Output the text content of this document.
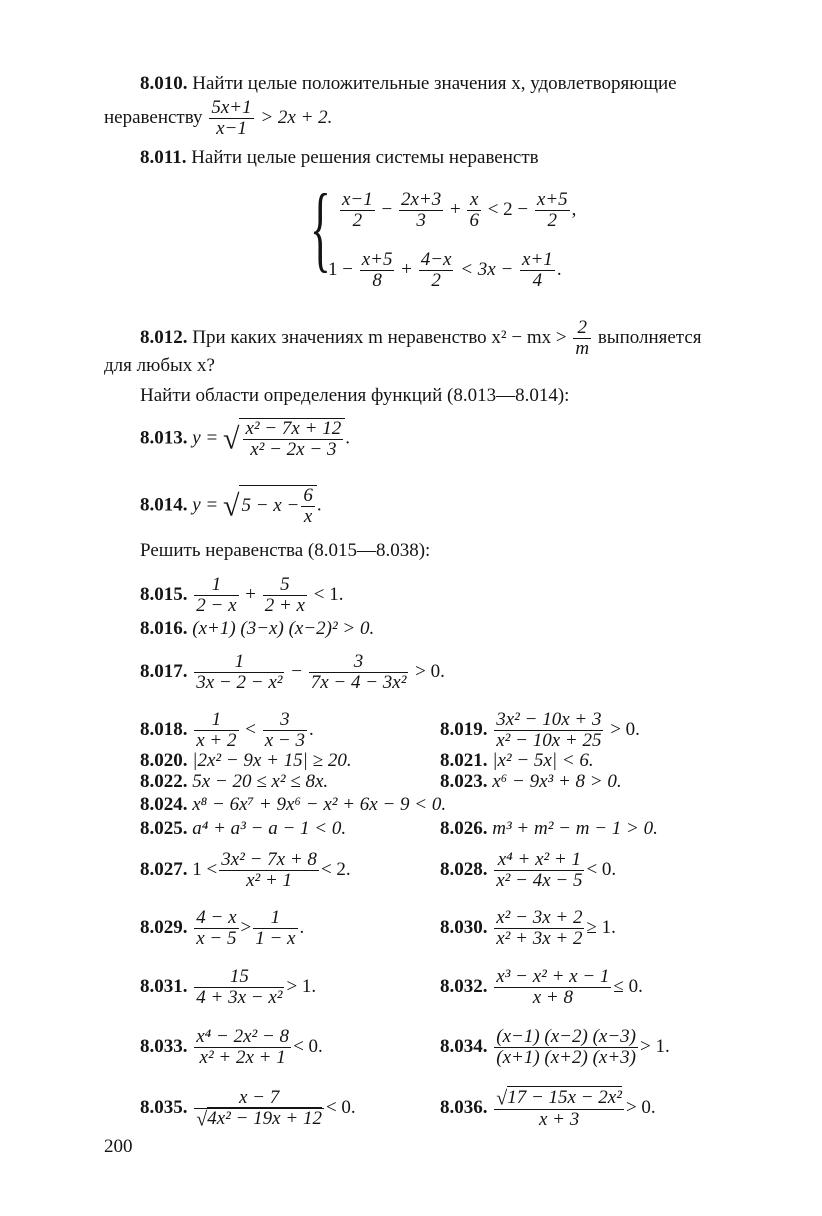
8.010. Найти целые положительные значения x, удовлетворяющие
неравенству $\frac{5x+1}{x-1} > 2x + 2$.
8.011. Найти целые решения системы неравенств
{ $\frac{x-1}{2} - \frac{2x+3}{3} + \frac{x}{6} < 2 - \frac{x+5}{2}$ ,
$1 - \frac{x+5}{8} + \frac{4-x}{2} < 3x - \frac{x+1}{4}$ .
8.012. При каких значениях m неравенство x² − mx > $\frac{2}{m}$ выполняется
для любых x?
Найти области определения функций (8.013—8.014):
8.013. y = √ $\frac{\text{x² − 7x + 12}}{\text{x² − 2x − 3}}$ .
8.014. y = √ $5 - x - \frac{6}{x}$ .
Решить неравенства (8.015—8.038):
8.015. $\frac{1}{2 - x} + \frac{5}{2 + x} < 1$.
8.016. (x+1) (3−x) (x−2)² > 0.
8.017. $\frac{1}{\text{3x − 2 − x²}} - \frac{3}{\text{7x − 4 − 3x²}} > 0$.
8.018. $\frac{1}{x + 2} < \frac{3}{x - 3}$ .	8.019. $\frac{\text{3x² − 10x + 3}}{\text{x² − 10x + 25}} > 0$.
8.020. |2x² − 9x + 15| ≥ 20.	8.021. |x² − 5x| < 6.
8.022. 5x − 20 ≤ x² ≤ 8x.	8.023. x⁶ − 9x³ + 8 > 0.
8.024. x⁸ − 6x⁷ + 9x⁶ − x² + 6x − 9 < 0.
8.025. a⁴ + a³ − a − 1 < 0.	8.026. m³ + m² − m − 1 > 0.
8.027. $1 < \frac{\text{3x² − 7x + 8}}{\text{x² + 1}} < 2$.	8.028. $\frac{\text{x⁴ + x² + 1}}{\text{x² − 4x − 5}} < 0$.
8.029. $\frac{4 - x}{x - 5} > \frac{1}{1 - x}$ .	8.030. $\frac{\text{x² − 3x + 2}}{\text{x² + 3x + 2}} \ge 1$.
8.031. $\frac{15}{\text{4 + 3x − x²}} > 1$.	8.032. $\frac{\text{x³ − x² + x − 1}}{x + 8} \le 0$.
8.033. $\frac{\text{x⁴ − 2x² − 8}}{\text{x² + 2x + 1}} < 0$.	8.034. $\frac{(x-1) (x-2) (x-3)}{(x+1) (x+2) (x+3)} > 1$.
8.035. $\frac{x - 7}{\text{√4x² − 19x + 12}} < 0$.	8.036. $\frac{\text{√17 − 15x − 2x²}}{x + 3} > 0$.
200
